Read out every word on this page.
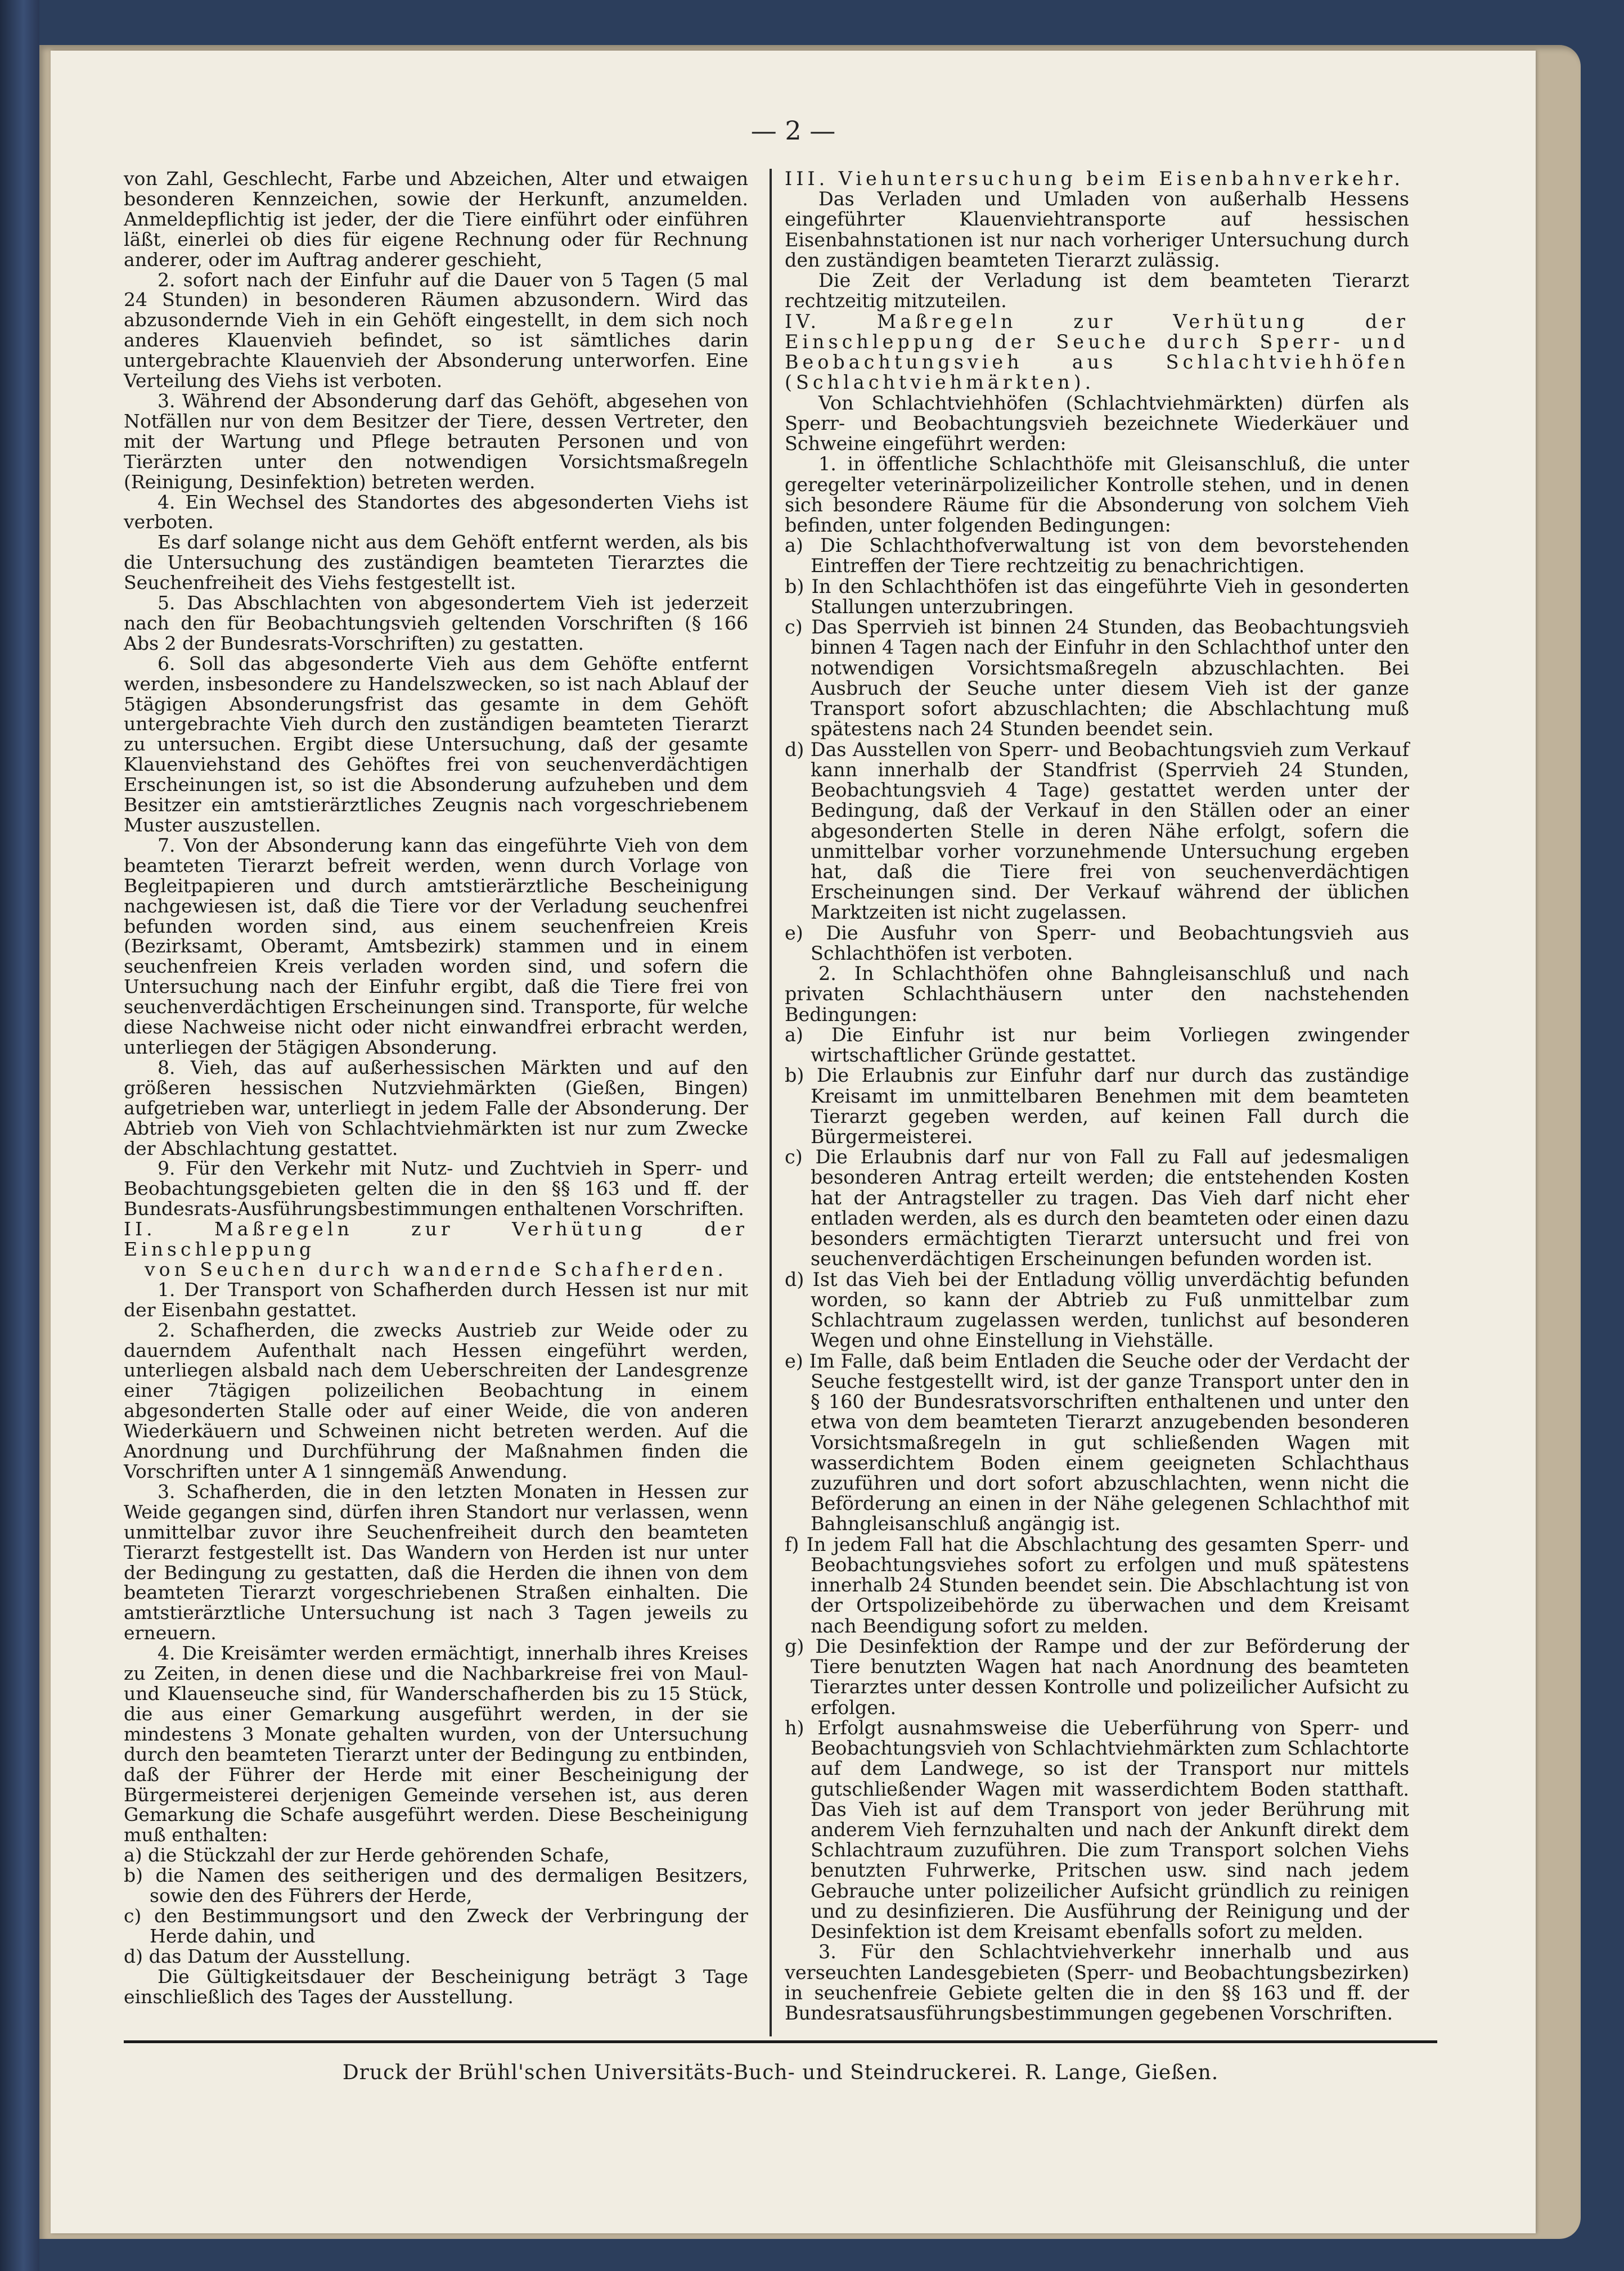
— 2 —

von Zahl, Geschlecht, Farbe und Abzeichen, Alter und etwaigen besonderen Kennzeichen, sowie der Herkunft, anzumelden. Anmeldepflichtig ist jeder, der die Tiere einführt oder einführen läßt, einerlei ob dies für eigene Rechnung oder für Rechnung anderer, oder im Auftrag anderer geschieht,

2. sofort nach der Einfuhr auf die Dauer von 5 Tagen (5 mal 24 Stunden) in besonderen Räumen abzusondern. Wird das abzusondernde Vieh in ein Gehöft eingestellt, in dem sich noch anderes Klauenvieh befindet, so ist sämtliches darin untergebrachte Klauenvieh der Absonderung unterworfen. Eine Verteilung des Viehs ist verboten.

3. Während der Absonderung darf das Gehöft, abgesehen von Notfällen nur von dem Besitzer der Tiere, dessen Vertreter, den mit der Wartung und Pflege betrauten Personen und von Tierärzten unter den notwendigen Vorsichtsmaßregeln (Reinigung, Desinfektion) betreten werden.

4. Ein Wechsel des Standortes des abgesonderten Viehs ist verboten.

Es darf solange nicht aus dem Gehöft entfernt werden, als bis die Untersuchung des zuständigen beamteten Tierarztes die Seuchenfreiheit des Viehs festgestellt ist.

5. Das Abschlachten von abgesondertem Vieh ist jederzeit nach den für Beobachtungsvieh geltenden Vorschriften (§ 166 Abs 2 der Bundesrats-Vorschriften) zu gestatten.

6. Soll das abgesonderte Vieh aus dem Gehöfte entfernt werden, insbesondere zu Handelszwecken, so ist nach Ablauf der 5tägigen Absonderungsfrist das gesamte in dem Gehöft untergebrachte Vieh durch den zuständigen beamteten Tierarzt zu untersuchen. Ergibt diese Untersuchung, daß der gesamte Klauenviehstand des Gehöftes frei von seuchenverdächtigen Erscheinungen ist, so ist die Absonderung aufzuheben und dem Besitzer ein amtstierärztliches Zeugnis nach vorgeschriebenem Muster auszustellen.

7. Von der Absonderung kann das eingeführte Vieh von dem beamteten Tierarzt befreit werden, wenn durch Vorlage von Begleitpapieren und durch amtstierärztliche Bescheinigung nachgewiesen ist, daß die Tiere vor der Verladung seuchenfrei befunden worden sind, aus einem seuchenfreien Kreis (Bezirksamt, Oberamt, Amtsbezirk) stammen und in einem seuchenfreien Kreis verladen worden sind, und sofern die Untersuchung nach der Einfuhr ergibt, daß die Tiere frei von seuchenverdächtigen Erscheinungen sind. Transporte, für welche diese Nachweise nicht oder nicht einwandfrei erbracht werden, unterliegen der 5tägigen Absonderung.

8. Vieh, das auf außerhessischen Märkten und auf den größeren hessischen Nutzviehmärkten (Gießen, Bingen) aufgetrieben war, unterliegt in jedem Falle der Absonderung. Der Abtrieb von Vieh von Schlachtviehmärkten ist nur zum Zwecke der Abschlachtung gestattet.

9. Für den Verkehr mit Nutz- und Zuchtvieh in Sperr- und Beobachtungsgebieten gelten die in den §§ 163 und ff. der Bundesrats-Ausführungsbestimmungen enthaltenen Vorschriften.

II. Maßregeln zur Verhütung der Einschleppung

von Seuchen durch wandernde Schafherden.

1. Der Transport von Schafherden durch Hessen ist nur mit der Eisenbahn gestattet.

2. Schafherden, die zwecks Austrieb zur Weide oder zu dauerndem Aufenthalt nach Hessen eingeführt werden, unterliegen alsbald nach dem Ueberschreiten der Landesgrenze einer 7tägigen polizeilichen Beobachtung in einem abgesonderten Stalle oder auf einer Weide, die von anderen Wiederkäuern und Schweinen nicht betreten werden. Auf die Anordnung und Durchführung der Maßnahmen finden die Vorschriften unter A 1 sinngemäß Anwendung.

3. Schafherden, die in den letzten Monaten in Hessen zur Weide gegangen sind, dürfen ihren Standort nur verlassen, wenn unmittelbar zuvor ihre Seuchenfreiheit durch den beamteten Tierarzt festgestellt ist. Das Wandern von Herden ist nur unter der Bedingung zu gestatten, daß die Herden die ihnen von dem beamteten Tierarzt vorgeschriebenen Straßen einhalten. Die amtstierärztliche Untersuchung ist nach 3 Tagen jeweils zu erneuern.

4. Die Kreisämter werden ermächtigt, innerhalb ihres Kreises zu Zeiten, in denen diese und die Nachbarkreise frei von Maul- und Klauenseuche sind, für Wanderschafherden bis zu 15 Stück, die aus einer Gemarkung ausgeführt werden, in der sie mindestens 3 Monate gehalten wurden, von der Untersuchung durch den beamteten Tierarzt unter der Bedingung zu entbinden, daß der Führer der Herde mit einer Bescheinigung der Bürgermeisterei derjenigen Gemeinde versehen ist, aus deren Gemarkung die Schafe ausgeführt werden. Diese Bescheinigung muß enthalten:

a) die Stückzahl der zur Herde gehörenden Schafe,

b) die Namen des seitherigen und des dermaligen Besitzers, sowie den des Führers der Herde,

c) den Bestimmungsort und den Zweck der Verbringung der Herde dahin, und

d) das Datum der Ausstellung.

Die Gültigkeitsdauer der Bescheinigung beträgt 3 Tage einschließlich des Tages der Ausstellung.

III. Viehuntersuchung beim Eisenbahnverkehr.

Das Verladen und Umladen von außerhalb Hessens eingeführter Klauenviehtransporte auf hessischen Eisenbahnstationen ist nur nach vorheriger Untersuchung durch den zuständigen beamteten Tierarzt zulässig.

Die Zeit der Verladung ist dem beamteten Tierarzt rechtzeitig mitzuteilen.

IV. Maßregeln zur Verhütung der Einschleppung der Seuche durch Sperr- und Beobachtungsvieh aus Schlachtviehhöfen (Schlachtviehmärkten).

Von Schlachtviehhöfen (Schlachtviehmärkten) dürfen als Sperr- und Beobachtungsvieh bezeichnete Wiederkäuer und Schweine eingeführt werden:

1. in öffentliche Schlachthöfe mit Gleisanschluß, die unter geregelter veterinärpolizeilicher Kontrolle stehen, und in denen sich besondere Räume für die Absonderung von solchem Vieh befinden, unter folgenden Bedingungen:

a) Die Schlachthofverwaltung ist von dem bevorstehenden Eintreffen der Tiere rechtzeitig zu benachrichtigen.

b) In den Schlachthöfen ist das eingeführte Vieh in gesonderten Stallungen unterzubringen.

c) Das Sperrvieh ist binnen 24 Stunden, das Beobachtungsvieh binnen 4 Tagen nach der Einfuhr in den Schlachthof unter den notwendigen Vorsichtsmaßregeln abzuschlachten. Bei Ausbruch der Seuche unter diesem Vieh ist der ganze Transport sofort abzuschlachten; die Abschlachtung muß spätestens nach 24 Stunden beendet sein.

d) Das Ausstellen von Sperr- und Beobachtungsvieh zum Verkauf kann innerhalb der Standfrist (Sperrvieh 24 Stunden, Beobachtungsvieh 4 Tage) gestattet werden unter der Bedingung, daß der Verkauf in den Ställen oder an einer abgesonderten Stelle in deren Nähe erfolgt, sofern die unmittelbar vorher vorzunehmende Untersuchung ergeben hat, daß die Tiere frei von seuchenverdächtigen Erscheinungen sind. Der Verkauf während der üblichen Marktzeiten ist nicht zugelassen.

e) Die Ausfuhr von Sperr- und Beobachtungsvieh aus Schlachthöfen ist verboten.

2. In Schlachthöfen ohne Bahngleisanschluß und nach privaten Schlachthäusern unter den nachstehenden Bedingungen:

a) Die Einfuhr ist nur beim Vorliegen zwingender wirtschaftlicher Gründe gestattet.

b) Die Erlaubnis zur Einfuhr darf nur durch das zuständige Kreisamt im unmittelbaren Benehmen mit dem beamteten Tierarzt gegeben werden, auf keinen Fall durch die Bürgermeisterei.

c) Die Erlaubnis darf nur von Fall zu Fall auf jedesmaligen besonderen Antrag erteilt werden; die entstehenden Kosten hat der Antragsteller zu tragen. Das Vieh darf nicht eher entladen werden, als es durch den beamteten oder einen dazu besonders ermächtigten Tierarzt untersucht und frei von seuchenverdächtigen Erscheinungen befunden worden ist.

d) Ist das Vieh bei der Entladung völlig unverdächtig befunden worden, so kann der Abtrieb zu Fuß unmittelbar zum Schlachtraum zugelassen werden, tunlichst auf besonderen Wegen und ohne Einstellung in Viehställe.

e) Im Falle, daß beim Entladen die Seuche oder der Verdacht der Seuche festgestellt wird, ist der ganze Transport unter den in § 160 der Bundesratsvorschriften enthaltenen und unter den etwa von dem beamteten Tierarzt anzugebenden besonderen Vorsichtsmaßregeln in gut schließenden Wagen mit wasserdichtem Boden einem geeigneten Schlachthaus zuzuführen und dort sofort abzuschlachten, wenn nicht die Beförderung an einen in der Nähe gelegenen Schlachthof mit Bahngleisanschluß angängig ist.

f) In jedem Fall hat die Abschlachtung des gesamten Sperr- und Beobachtungsviehes sofort zu erfolgen und muß spätestens innerhalb 24 Stunden beendet sein. Die Abschlachtung ist von der Ortspolizeibehörde zu überwachen und dem Kreisamt nach Beendigung sofort zu melden.

g) Die Desinfektion der Rampe und der zur Beförderung der Tiere benutzten Wagen hat nach Anordnung des beamteten Tierarztes unter dessen Kontrolle und polizeilicher Aufsicht zu erfolgen.

h) Erfolgt ausnahmsweise die Ueberführung von Sperr- und Beobachtungsvieh von Schlachtviehmärkten zum Schlachtorte auf dem Landwege, so ist der Transport nur mittels gutschließender Wagen mit wasserdichtem Boden statthaft. Das Vieh ist auf dem Transport von jeder Berührung mit anderem Vieh fernzuhalten und nach der Ankunft direkt dem Schlachtraum zuzuführen. Die zum Transport solchen Viehs benutzten Fuhrwerke, Pritschen usw. sind nach jedem Gebrauche unter polizeilicher Aufsicht gründlich zu reinigen und zu desinfizieren. Die Ausführung der Reinigung und der Desinfektion ist dem Kreisamt ebenfalls sofort zu melden.

3. Für den Schlachtviehverkehr innerhalb und aus verseuchten Landesgebieten (Sperr- und Beobachtungsbezirken) in seuchenfreie Gebiete gelten die in den §§ 163 und ff. der Bundesratsausführungsbestimmungen gegebenen Vorschriften.

Druck der Brühl'schen Universitäts-Buch- und Steindruckerei. R. Lange, Gießen.
